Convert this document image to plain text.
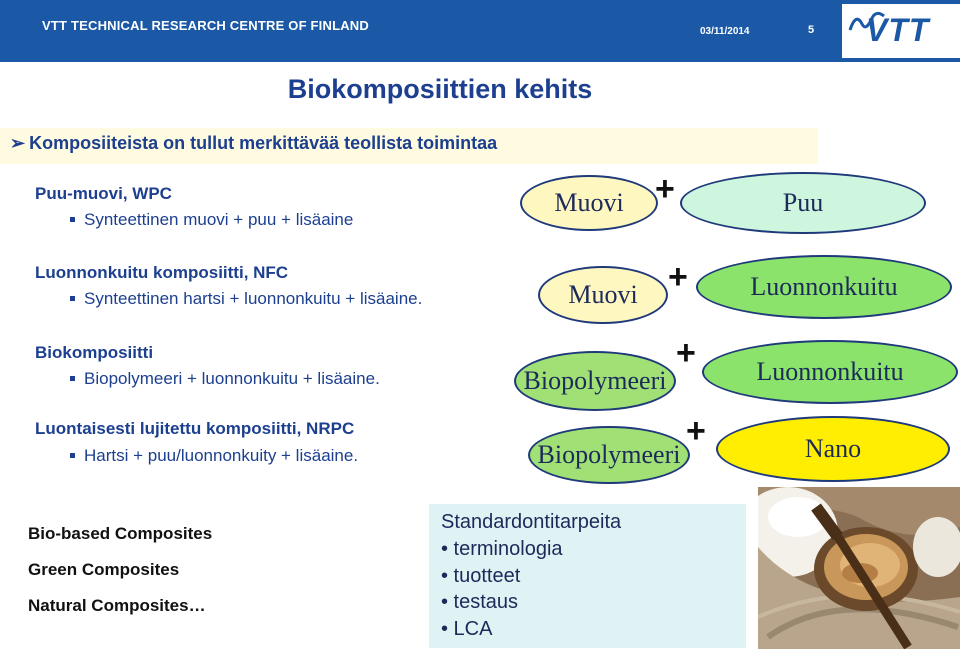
VTT TECHNICAL RESEARCH CENTRE OF FINLAND	03/11/2014	5 VTT
Biokomposiittien kehits
➢ Komposiiteista on tullut merkittävää teollista toimintaa
Puu-muovi, WPC
Synteettinen muovi + puu + lisäaine
Luonnonkuitu komposiitti, NFC
Synteettinen hartsi + luonnonkuitu + lisäaine.
Biokomposiitti
Biopolymeeri + luonnonkuitu + lisäaine.
Luontaisesti lujitettu komposiitti, NRPC
Hartsi + puu/luonnonkuity + lisäaine.
Muovi +	Puu
Muovi +	Luonnonkuitu
Biopolymeeri
+	Luonnonkuitu
Biopolymeeri
+	Nano
Bio-based Composites
Green Composites
Natural Composites…
Standardontitarpeita
• terminologia
• tuotteet
• testaus
• LCA
